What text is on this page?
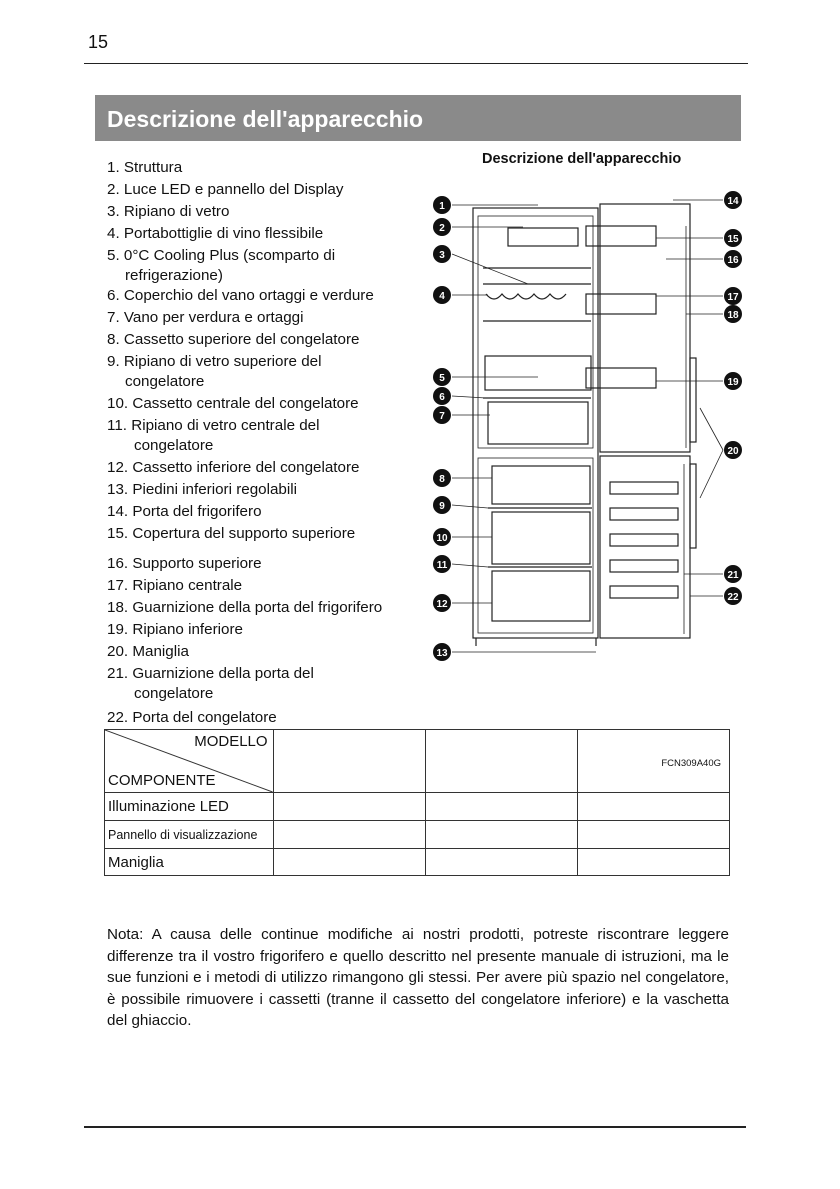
15
Descrizione dell'apparecchio
1. Struttura
2. Luce LED e pannello del Display
3. Ripiano di vetro
4. Portabottiglie di vino flessibile
5. 0°C Cooling Plus (scomparto di
refrigerazione)
6. Coperchio del vano ortaggi e verdure
7. Vano per verdura e ortaggi
8. Cassetto superiore del congelatore
9. Ripiano di vetro superiore del
congelatore
10. Cassetto centrale del congelatore
11. Ripiano di vetro centrale del
congelatore
12. Cassetto inferiore del congelatore
13. Piedini inferiori regolabili
14. Porta del frigorifero
15. Copertura del supporto superiore
16. Supporto superiore
17. Ripiano centrale
18. Guarnizione della porta del frigorifero
19. Ripiano inferiore
20. Maniglia
21. Guarnizione della porta del
congelatore
22. Porta del congelatore
Descrizione dell'apparecchio
1
2
3
4
5
6
7
8
9
10
11
12
13
14
15
16
17
18
19
20
21
22
MODELLO
COMPONENTE			FCN309A40G

Illuminazione LED			
Pannello di visualizzazione			
Maniglia			
Nota: A causa delle continue modifiche ai nostri prodotti, potreste riscontrare leggere differenze tra il vostro frigorifero e quello descritto nel presente manuale di istruzioni, ma le sue funzioni e i metodi di utilizzo rimangono gli stessi. Per avere più spazio nel congelatore, è possibile rimuovere i cassetti (tranne il cassetto del congelatore inferiore) e la vaschetta del ghiaccio.
